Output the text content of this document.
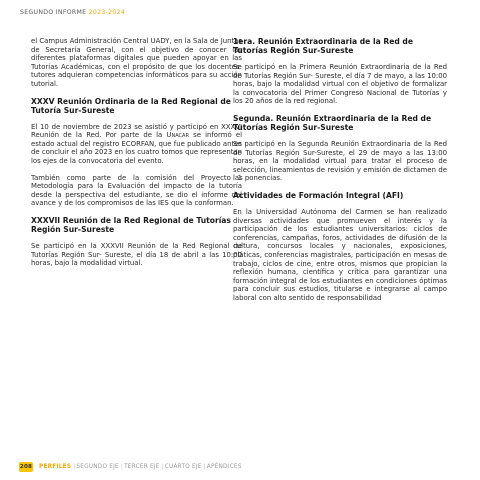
SEGUNDO INFORME 2023-2024

el Campus Administración Central UADY, en la Sala de Juntas de Secretaría General, con el objetivo de conocer las diferentes plataformas digitales que pueden apoyar en las Tutorías Académicas, con el propósito de que los docentes-tutores adquieran competencias informáticos para su acción tutorial.

XXXV Reunión Ordinaria de la Red Regional de Tutoría Sur-Sureste

El 10 de noviembre de 2023 se asistió y participó en XXXVI Reunión de la Red. Por parte de la Unacar se informó el estado actual del registro ECORFAN, que fue publicado antes de concluir el año 2023 en los cuatro tomos que representan los ejes de la convocatoria del evento.

También como parte de la comisión del Proyecto 1 Metodología para la Evaluación del impacto de la tutoría desde la perspectiva del estudiante, se dio el informe del avance y de los compromisos de las IES que la conforman.

XXXVII Reunión de la Red Regional de Tutorías Región Sur-Sureste

Se participó en la XXXVII Reunión de la Red Regional de Tutorías Región Sur- Sureste, el día 18 de abril a las 10:00 horas, bajo la modalidad virtual.

1era. Reunión Extraordinaria de la Red de Tutorías Región Sur-Sureste

Se participó en la Primera Reunión Extraordinaria de la Red de Tutorías Región Sur- Sureste, el día 7 de mayo, a las 10:00 horas, bajo la modalidad virtual con el objetivo de formalizar la convocatoria del Primer Congreso Nacional de Tutorías y los 20 años de la red regional.

Segunda. Reunión Extraordinaria de la Red de Tutorías Región Sur-Sureste

Se participó en la Segunda Reunión Extraordinaria de la Red de Tutorías Región Sur-Sureste, el 29 de mayo a las 13:00 horas, en la modalidad virtual para tratar el proceso de selección, lineamientos de revisión y emisión de dictamen de las ponencias.

Actividades de Formación Integral (AFI)

En la Universidad Autónoma del Carmen se han realizado diversas actividades que promueven el interés y la participación de los estudiantes universitarios: ciclos de conferencias, campañas, foros, actividades de difusión de la cultura, concursos locales y nacionales, exposiciones, pláticas, conferencias magistrales, participación en mesas de trabajo, ciclos de cine, entre otros, mismos que propician la reflexión humana, científica y crítica para garantizar una formación integral de los estudiantes en condiciones óptimas para concluir sus estudios, titularse e integrarse al campo laboral con alto sentido de responsabilidad

208 PERFILES | SEGUNDO EJE | TERCER EJE | CUARTO EJE | APÉNDICES
